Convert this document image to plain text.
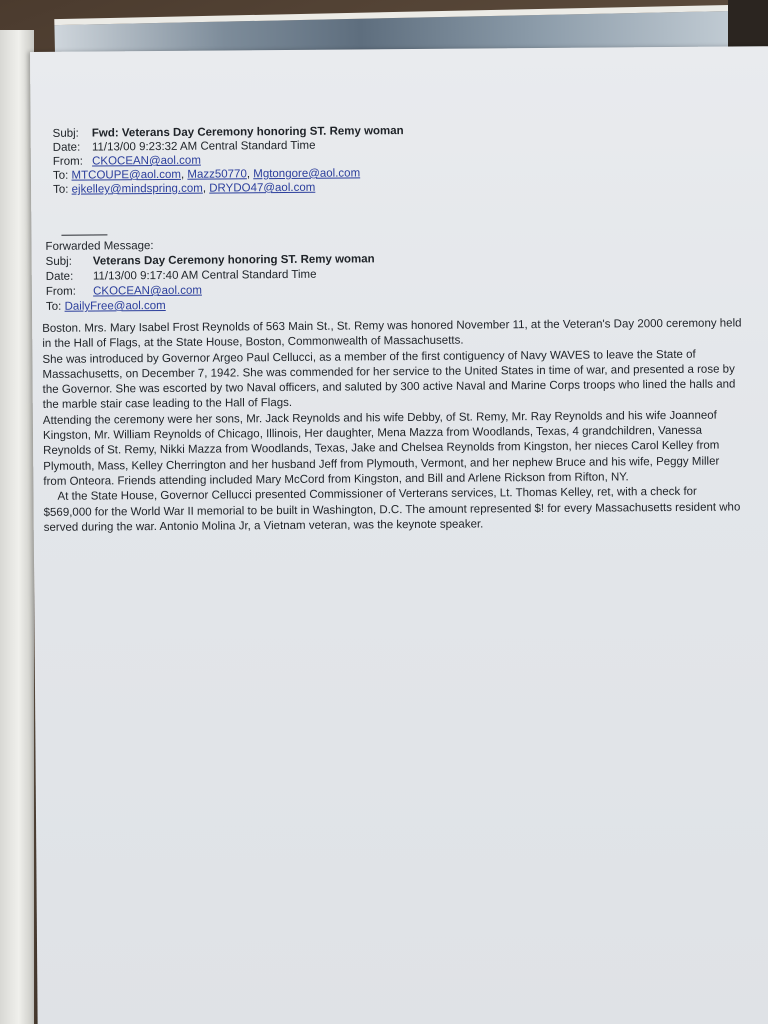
Subj: Fwd: Veterans Day Ceremony honoring ST. Remy woman
Date: 11/13/00 9:23:32 AM Central Standard Time
From: CKOCEAN@aol.com
To: MTCOUPE@aol.com, Mazz50770, Mgtongore@aol.com
To: ejkelley@mindspring.com, DRYDO47@aol.com
Forwarded Message:
Subj: Veterans Day Ceremony honoring ST. Remy woman
Date: 11/13/00 9:17:40 AM Central Standard Time
From: CKOCEAN@aol.com
To: DailyFree@aol.com

Boston. Mrs. Mary Isabel Frost Reynolds of 563 Main St., St. Remy was honored November 11, at the Veteran's Day 2000 ceremony held in the Hall of Flags, at the State House, Boston, Commonwealth of Massachusetts.

She was introduced by Governor Argeo Paul Cellucci, as a member of the first contiguency of Navy WAVES to leave the State of Massachusetts, on December 7, 1942. She was commended for her service to the United States in time of war, and presented a rose by the Governor. She was escorted by two Naval officers, and saluted by 300 active Naval and Marine Corps troops who lined the halls and the marble stair case leading to the Hall of Flags.

Attending the ceremony were her sons, Mr. Jack Reynolds and his wife Debby, of St. Remy, Mr. Ray Reynolds and his wife Joanneof Kingston, Mr. William Reynolds of Chicago, Illinois, Her daughter, Mena Mazza from Woodlands, Texas, 4 grandchildren, Vanessa Reynolds of St. Remy, Nikki Mazza from Woodlands, Texas, Jake and Chelsea Reynolds from Kingston, her nieces Carol Kelley from Plymouth, Mass, Kelley Cherrington and her husband Jeff from Plymouth, Vermont, and her nephew Bruce and his wife, Peggy Miller from Onteora. Friends attending included Mary McCord from Kingston, and Bill and Arlene Rickson from Rifton, NY.

At the State House, Governor Cellucci presented Commissioner of Verterans services, Lt. Thomas Kelley, ret, with a check for $569,000 for the World War II memorial to be built in Washington, D.C. The amount represented $! for every Massachusetts resident who served during the war. Antonio Molina Jr, a Vietnam veteran, was the keynote speaker.
